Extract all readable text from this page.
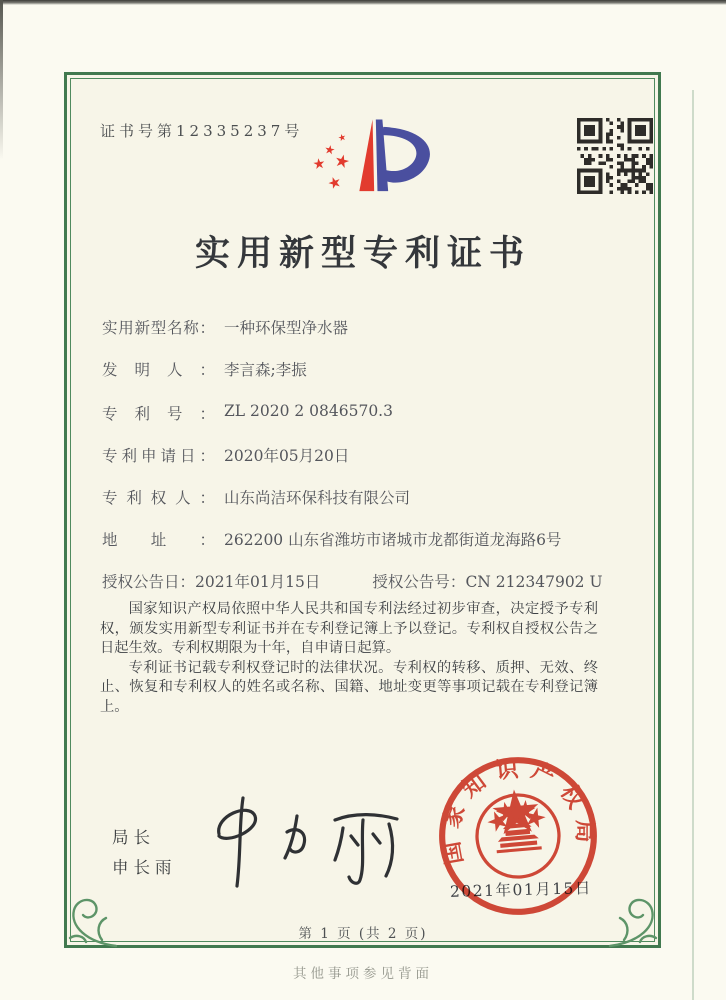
证书号第12335237号
实用新型专利证书
实用新型名称： 一种环保型净水器
发明人： 李言森;李振
专利号： ZL 2020 2 0846570.3
专利申请日： 2020年05月20日
专利权人： 山东尚洁环保科技有限公司
地址： 262200 山东省潍坊市诸城市龙都街道龙海路6号
授权公告日：2021年01月15日	授权公告号：CN 212347902 U

国家知识产权局依照中华人民共和国专利法经过初步审查，决定授予专利权，颁发实用新型专利证书并在专利登记簿上予以登记。专利权自授权公告之日起生效。专利权期限为十年，自申请日起算。

专利证书记载专利权登记时的法律状况。专利权的转移、质押、无效、终止、恢复和专利权人的姓名或名称、国籍、地址变更等事项记载在专利登记簿上。

局长
申长雨
2021年01月15日
国家知识产权局
第 1 页 (共 2 页)
其他事项参见背面
